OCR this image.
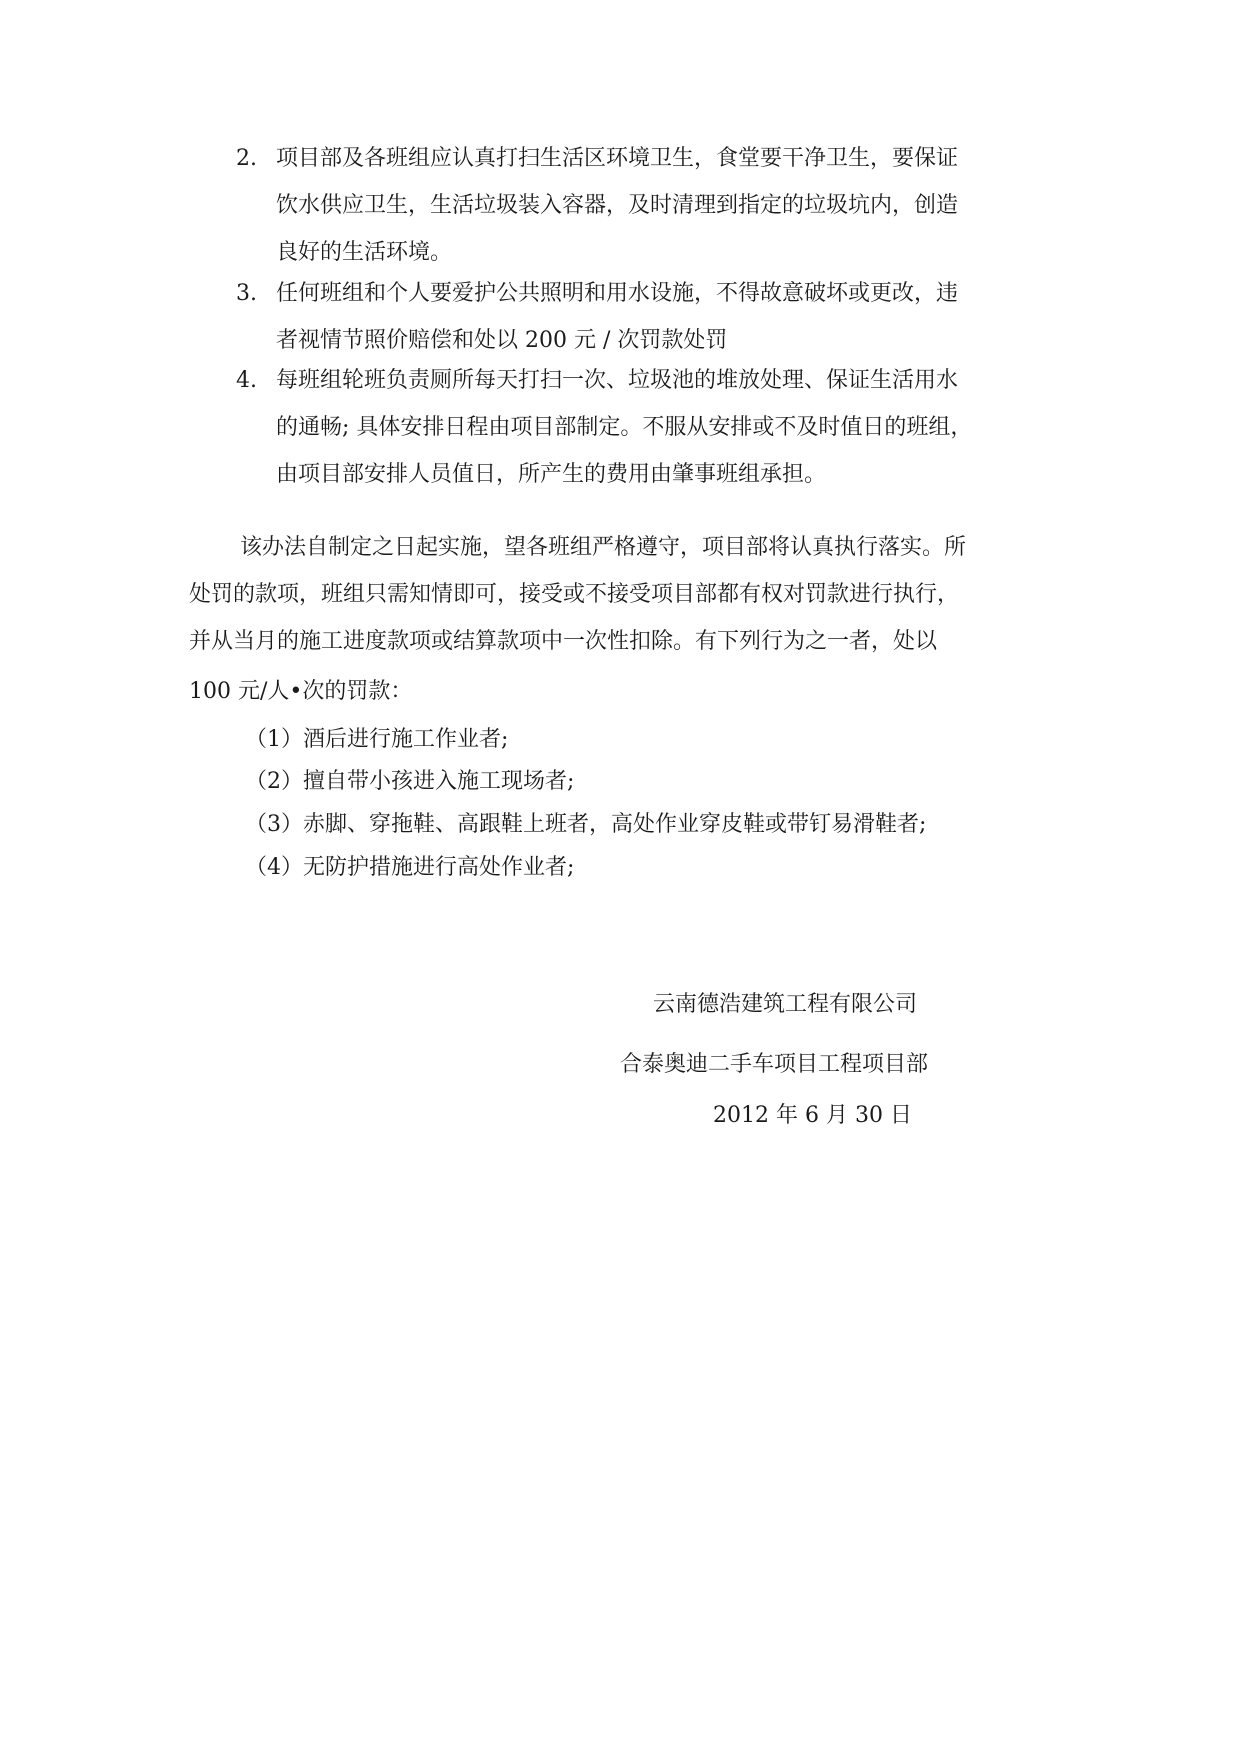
2. 项目部及各班组应认真打扫生活区环境卫生，食堂要干净卫生，要保证
饮水供应卫生，生活垃圾装入容器，及时清理到指定的垃圾坑内，创造
良好的生活环境。
3. 任何班组和个人要爱护公共照明和用水设施，不得故意破坏或更改，违
者视情节照价赔偿和处以 200 元 / 次罚款处罚
4. 每班组轮班负责厕所每天打扫一次、垃圾池的堆放处理、保证生活用水
的通畅; 具体安排日程由项目部制定。不服从安排或不及时值日的班组，
由项目部安排人员值日，所产生的费用由肇事班组承担。
该办法自制定之日起实施，望各班组严格遵守，项目部将认真执行落实。所
处罚的款项，班组只需知情即可，接受或不接受项目部都有权对罚款进行执行，
并从当月的施工进度款项或结算款项中一次性扣除。有下列行为之一者，处以
100 元/人•次的罚款：
（1）酒后进行施工作业者;
（2）擅自带小孩进入施工现场者;
（3）赤脚、穿拖鞋、高跟鞋上班者，高处作业穿皮鞋或带钉易滑鞋者;
（4）无防护措施进行高处作业者;
云南德浩建筑工程有限公司
合泰奥迪二手车项目工程项目部
2012 年 6 月 30 日
